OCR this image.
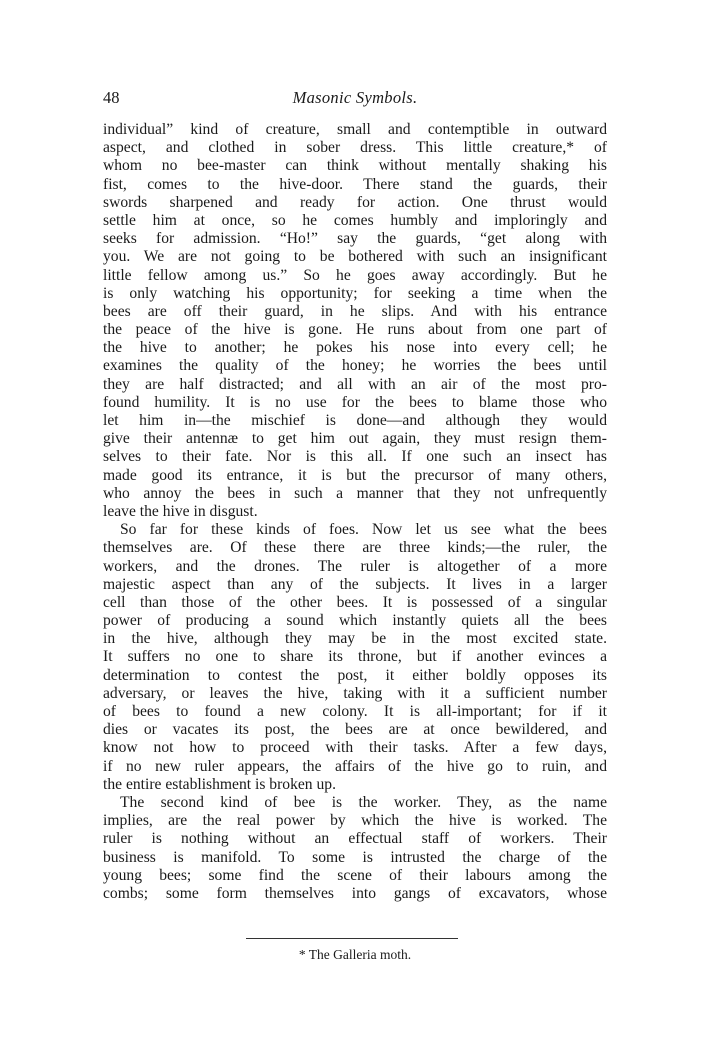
48	Masonic Symbols.
individual” kind of creature, small and contemptible in outward
aspect, and clothed in sober dress. This little creature,* of
whom no bee-master can think without mentally shaking his
fist, comes to the hive-door. There stand the guards, their
swords sharpened and ready for action. One thrust would
settle him at once, so he comes humbly and imploringly and
seeks for admission. “Ho!” say the guards, “get along with
you. We are not going to be bothered with such an insignificant
little fellow among us.” So he goes away accordingly. But he
is only watching his opportunity; for seeking a time when the
bees are off their guard, in he slips. And with his entrance
the peace of the hive is gone. He runs about from one part of
the hive to another; he pokes his nose into every cell; he
examines the quality of the honey; he worries the bees until
they are half distracted; and all with an air of the most pro-
found humility. It is no use for the bees to blame those who
let him in—the mischief is done—and although they would
give their antennæ to get him out again, they must resign them-
selves to their fate. Nor is this all. If one such an insect has
made good its entrance, it is but the precursor of many others,
who annoy the bees in such a manner that they not unfrequently
leave the hive in disgust.
So far for these kinds of foes. Now let us see what the bees
themselves are. Of these there are three kinds;—the ruler, the
workers, and the drones. The ruler is altogether of a more
majestic aspect than any of the subjects. It lives in a larger
cell than those of the other bees. It is possessed of a singular
power of producing a sound which instantly quiets all the bees
in the hive, although they may be in the most excited state.
It suffers no one to share its throne, but if another evinces a
determination to contest the post, it either boldly opposes its
adversary, or leaves the hive, taking with it a sufficient number
of bees to found a new colony. It is all-important; for if it
dies or vacates its post, the bees are at once bewildered, and
know not how to proceed with their tasks. After a few days,
if no new ruler appears, the affairs of the hive go to ruin, and
the entire establishment is broken up.
The second kind of bee is the worker. They, as the name
implies, are the real power by which the hive is worked. The
ruler is nothing without an effectual staff of workers. Their
business is manifold. To some is intrusted the charge of the
young bees; some find the scene of their labours among the
combs; some form themselves into gangs of excavators, whose
* The Galleria moth.
